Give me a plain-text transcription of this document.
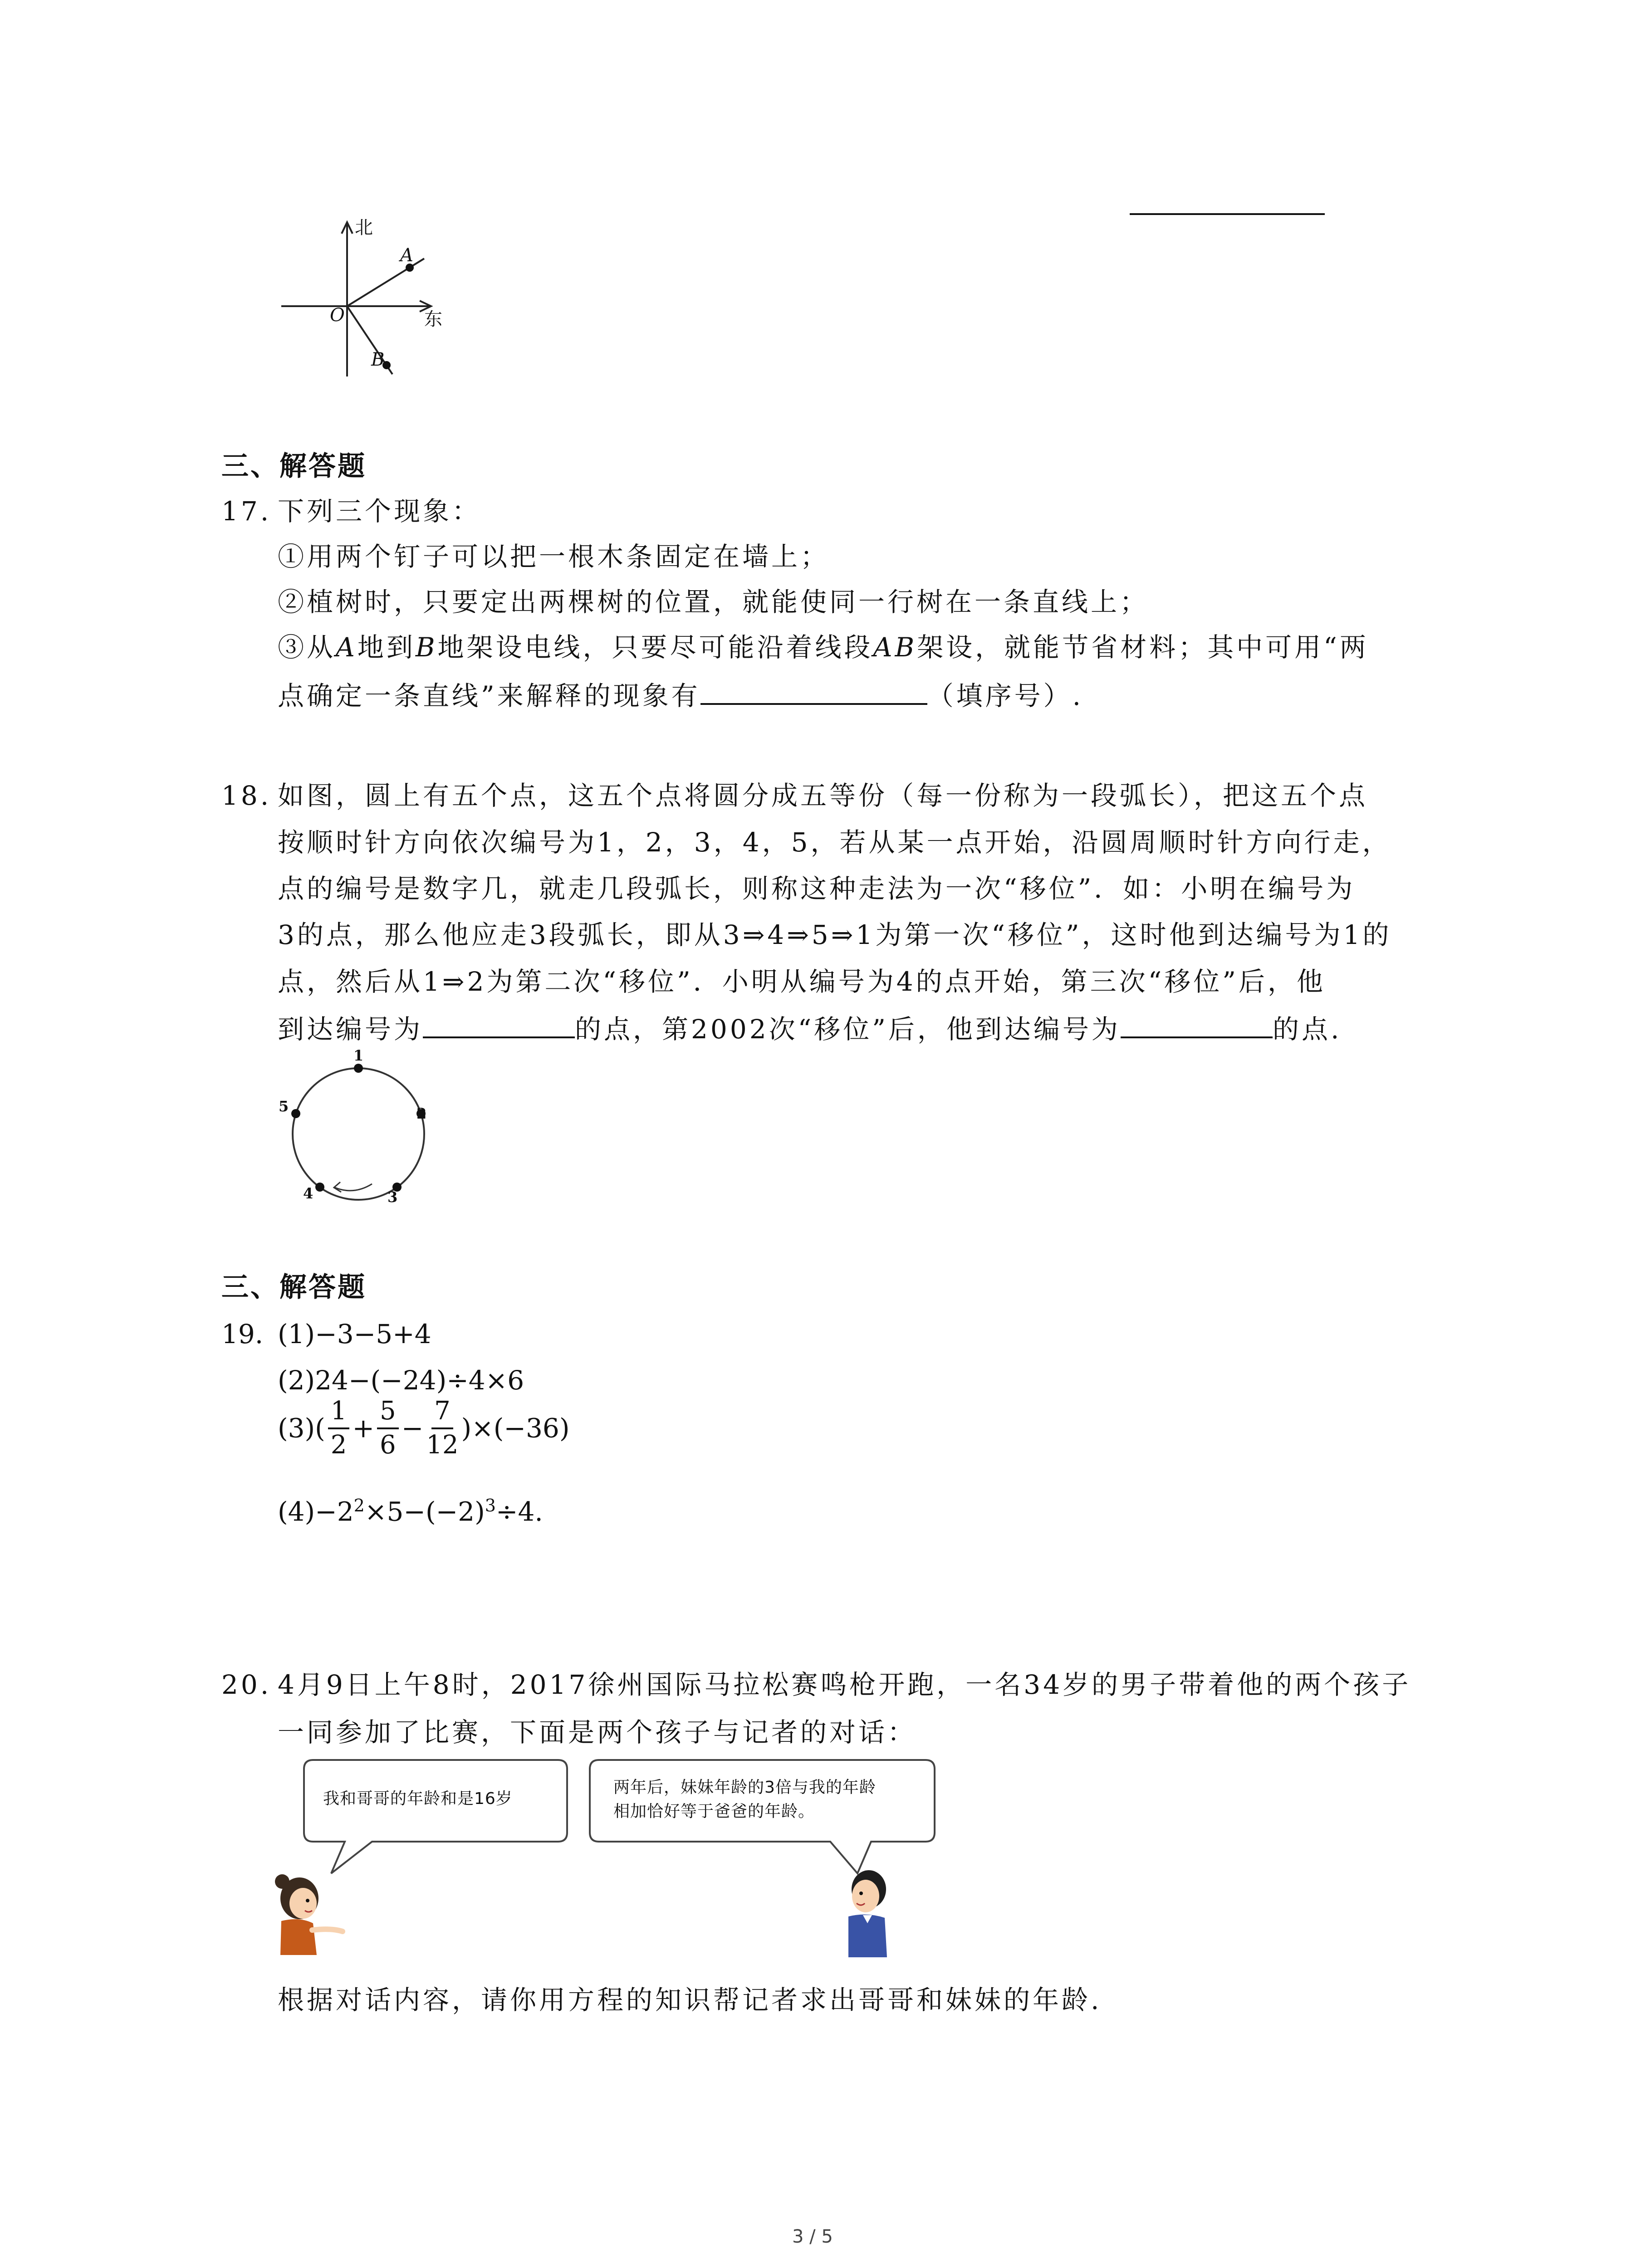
北
东
O
A
B
三、解答题
17. 下列三个现象：
①用两个钉子可以把一根木条固定在墙上；
②植树时，只要定出两棵树的位置，就能使同一行树在一条直线上；
③从A地到B地架设电线，只要尽可能沿着线段AB架设，就能节省材料；其中可用“两
点确定一条直线”来解释的现象有	（填序号）.
18. 如图，圆上有五个点，这五个点将圆分成五等份（每一份称为一段弧长），把这五个点
按顺时针方向依次编号为1，2，3，4，5，若从某一点开始，沿圆周顺时针方向行走，
点的编号是数字几，就走几段弧长，则称这种走法为一次“移位”．如：小明在编号为
3的点，那么他应走3段弧长，即从3⇒4⇒5⇒1为第一次“移位”，这时他到达编号为1的
点，然后从1⇒2为第二次“移位”．小明从编号为4的点开始，第三次“移位”后，他
到达编号为	的点，第2002次“移位”后，他到达编号为	的点.
1
2
3
4
5
三、解答题
19. (1)−3−5+4
(2)24−(−24)÷4×6
$(3)( \frac{1}{2} + \frac{5}{6} - \frac{7}{12} )\times(-36)$
$(4)-2^2\times 5-(-2)^3\div 4$.
20. 4月9日上午8时，2017徐州国际马拉松赛鸣枪开跑，一名34岁的男子带着他的两个孩子
一同参加了比赛，下面是两个孩子与记者的对话：
我和哥哥的年龄和是16岁
两年后，妹妹年龄的3倍与我的年龄
相加恰好等于爸爸的年龄。
根据对话内容，请你用方程的知识帮记者求出哥哥和妹妹的年龄.
3 / 5
